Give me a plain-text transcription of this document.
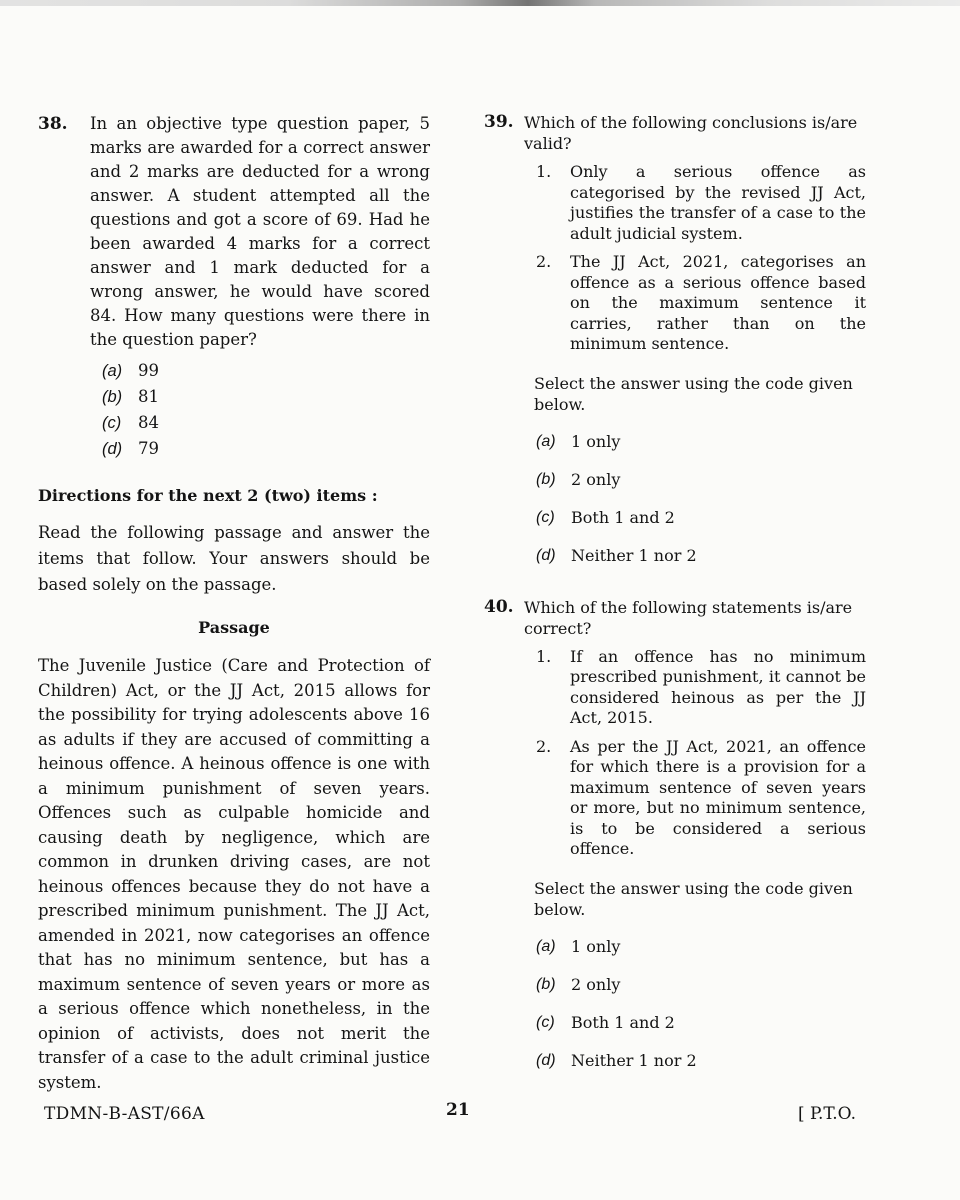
38.	In an objective type question paper, 5 marks are awarded for a correct answer and 2 marks are deducted for a wrong answer. A student attempted all the questions and got a score of 69. Had he been awarded 4 marks for a correct answer and 1 mark deducted for a wrong answer, he would have scored 84. How many questions were there in the question paper?
(a) 99
(b) 81
(c)	84
(d) 79
Directions for the next 2 (two) items :
Read the following passage and answer the items that follow. Your answers should be based solely on the passage.
Passage
The Juvenile Justice (Care and Protection of Children) Act, or the JJ Act, 2015 allows for the possibility for trying adolescents above 16 as adults if they are accused of committing a heinous offence. A heinous offence is one with a minimum punishment of seven years. Offences such as culpable homicide and causing death by negligence, which are common in drunken driving cases, are not heinous offences because they do not have a prescribed minimum punishment. The JJ Act, amended in 2021, now categorises an offence that has no minimum sentence, but has a maximum sentence of seven years or more as a serious offence which nonetheless, in the opinion of activists, does not merit the transfer of a case to the adult criminal justice system.
39. Which of the following conclusions is/are valid?
1.	Only a serious offence as categorised by the revised JJ Act, justifies the transfer of a case to the adult judicial system.
2.	The JJ Act, 2021, categorises an offence as a serious offence based on the maximum sentence it carries, rather than on the minimum sentence.
Select the answer using the code given below.
(a) 1 only
(b) 2 only
(c)	Both 1 and 2
(d) Neither 1 nor 2
40. Which of the following statements is/are correct?
1.	If an offence has no minimum prescribed punishment, it cannot be considered heinous as per the JJ Act, 2015.
2.	As per the JJ Act, 2021, an offence for which there is a provision for a maximum sentence of seven years or more, but no minimum sentence, is to be considered a serious offence.
Select the answer using the code given below.
(a) 1 only
(b) 2 only
(c)	Both 1 and 2
(d) Neither 1 nor 2
TDMN-B-AST/66A	21	[ P.T.O.
